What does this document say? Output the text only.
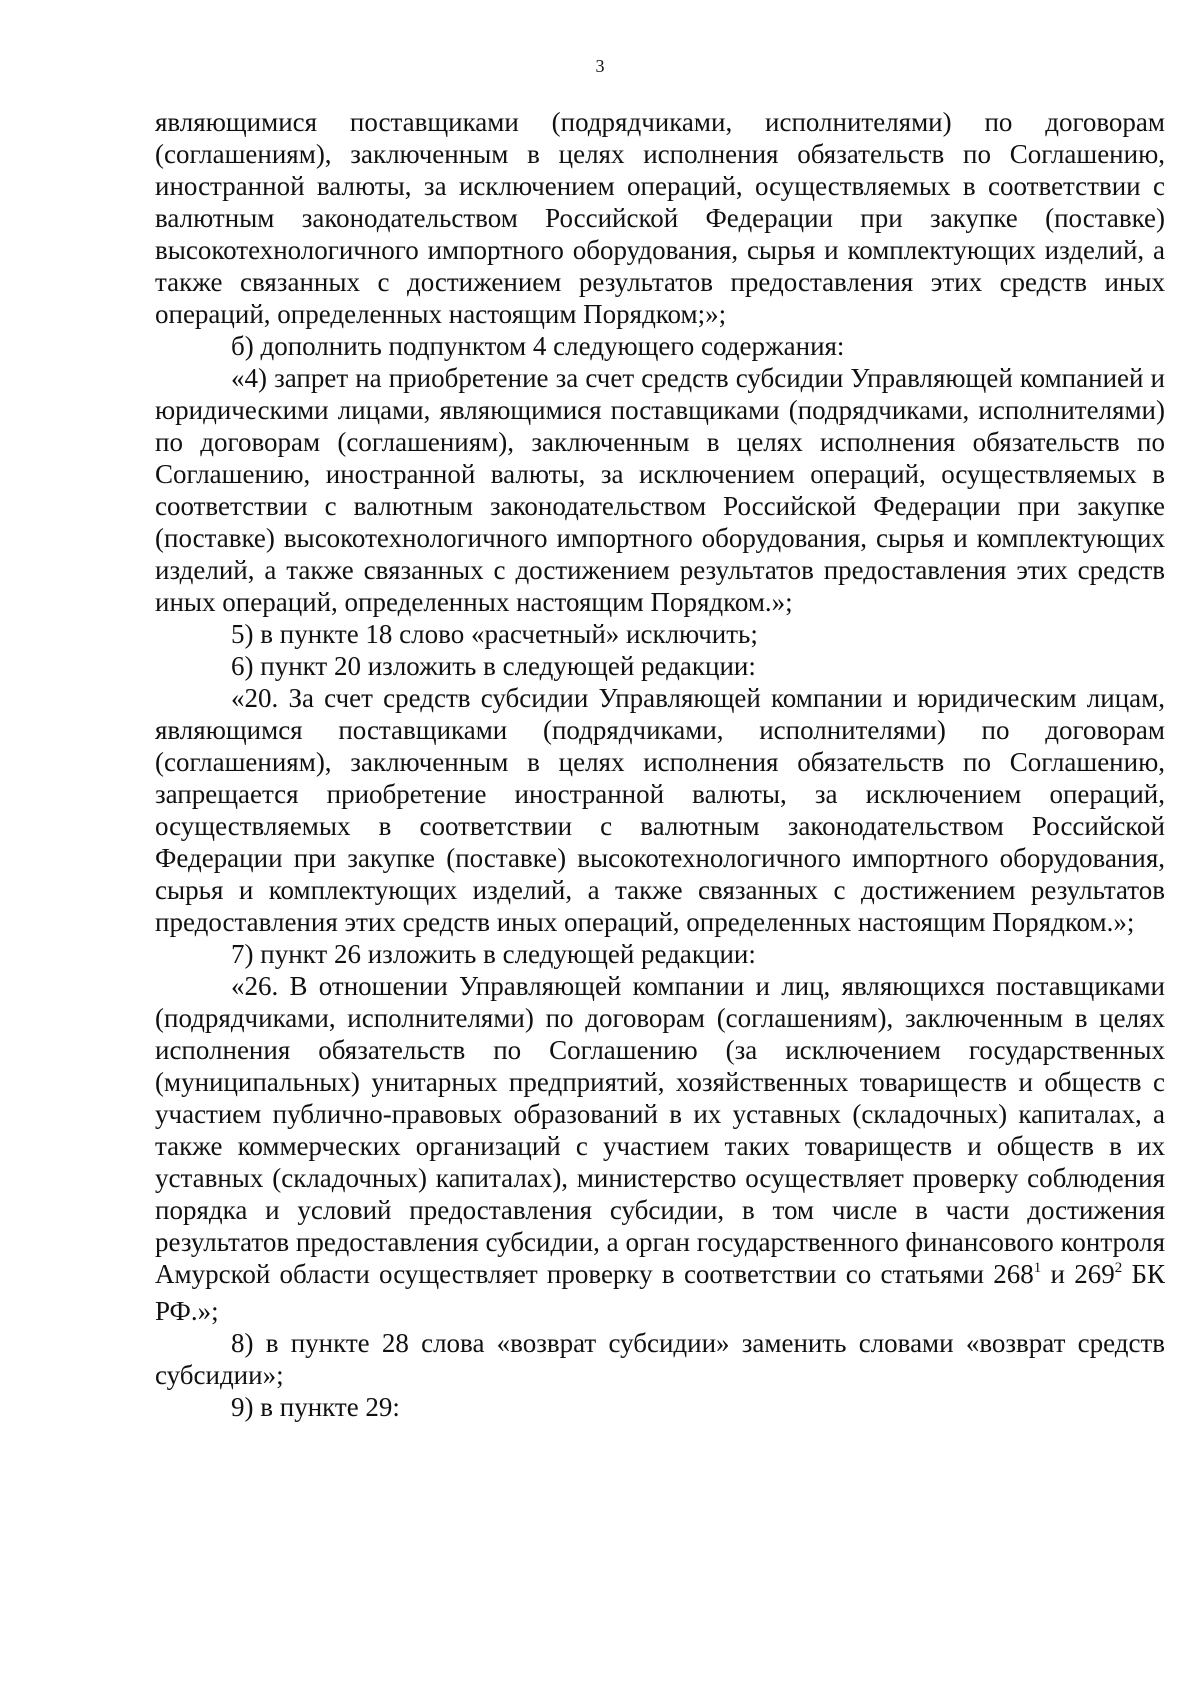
3

являющимися поставщиками (подрядчиками, исполнителями) по договорам (соглашениям), заключенным в целях исполнения обязательств по Соглашению, иностранной валюты, за исключением операций, осуществляемых в соответствии с валютным законодательством Российской Федерации при закупке (поставке) высокотехнологичного импортного оборудования, сырья и комплектующих изделий, а также связанных с достижением результатов предоставления этих средств иных операций, определенных настоящим Порядком;»;

б) дополнить подпунктом 4 следующего содержания:

«4) запрет на приобретение за счет средств субсидии Управляющей компанией и юридическими лицами, являющимися поставщиками (подрядчиками, исполнителями) по договорам (соглашениям), заключенным в целях исполнения обязательств по Соглашению, иностранной валюты, за исключением операций, осуществляемых в соответствии с валютным законодательством Российской Федерации при закупке (поставке) высокотехнологичного импортного оборудования, сырья и комплектующих изделий, а также связанных с достижением результатов предоставления этих средств иных операций, определенных настоящим Порядком.»;

5) в пункте 18 слово «расчетный» исключить;

6) пункт 20 изложить в следующей редакции:

«20. За счет средств субсидии Управляющей компании и юридическим лицам, являющимся поставщиками (подрядчиками, исполнителями) по договорам (соглашениям), заключенным в целях исполнения обязательств по Соглашению, запрещается приобретение иностранной валюты, за исключением операций, осуществляемых в соответствии с валютным законодательством Российской Федерации при закупке (поставке) высокотехнологичного импортного оборудования, сырья и комплектующих изделий, а также связанных с достижением результатов предоставления этих средств иных операций, определенных настоящим Порядком.»;

7) пункт 26 изложить в следующей редакции:

«26. В отношении Управляющей компании и лиц, являющихся поставщиками (подрядчиками, исполнителями) по договорам (соглашениям), заключенным в целях исполнения обязательств по Соглашению (за исключением государственных (муниципальных) унитарных предприятий, хозяйственных товариществ и обществ с участием публично-правовых образований в их уставных (складочных) капиталах, а также коммерческих организаций с участием таких товариществ и обществ в их уставных (складочных) капиталах), министерство осуществляет проверку соблюдения порядка и условий предоставления субсидии, в том числе в части достижения результатов предоставления субсидии, а орган государственного финансового контроля Амурской области осуществляет проверку в соответствии со статьями $268^1$ и $269^2$ БК РФ.»;

8) в пункте 28 слова «возврат субсидии» заменить словами «возврат средств субсидии»;

9) в пункте 29:
